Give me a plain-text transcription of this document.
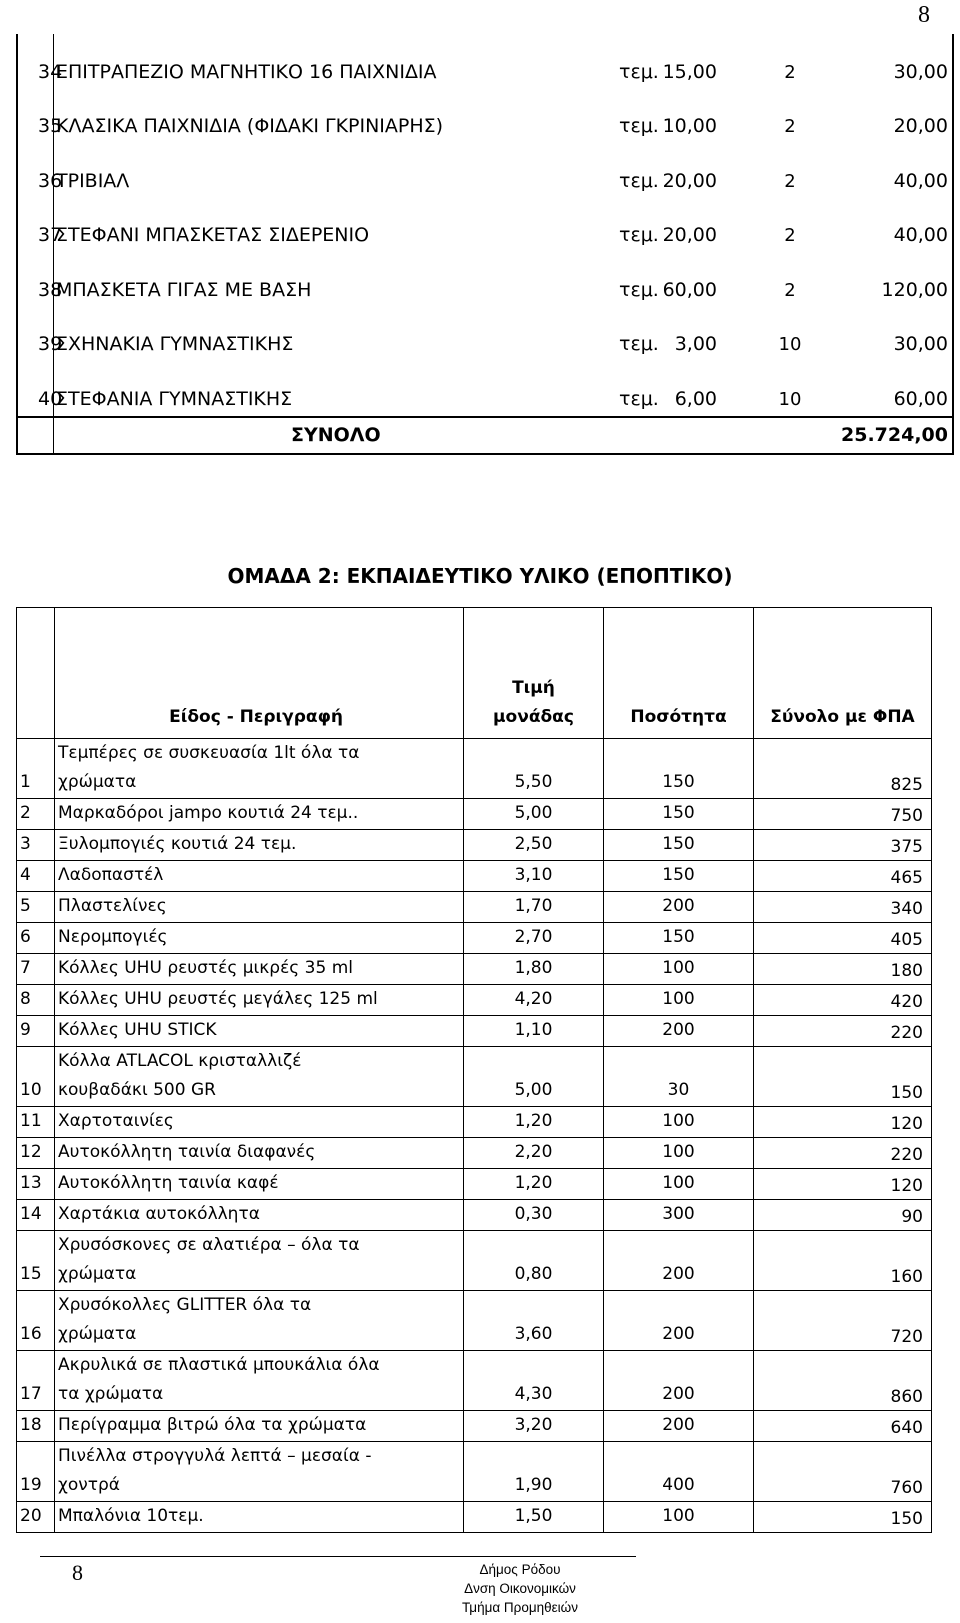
8
34
ΕΠΙΤΡΑΠΕΖΙΟ ΜΑΓΝΗΤΙΚΟ 16 ΠΑΙΧΝΙΔΙΑ	τεμ. 15,00	2	30,00
35
ΚΛΑΣΙΚΑ ΠΑΙΧΝΙΔΙΑ (ΦΙΔΑΚΙ ΓΚΡΙΝΙΑΡΗΣ)	τεμ. 10,00	2	20,00
36
ΤΡΙΒΙΑΛ	τεμ. 20,00	2	40,00
37
ΣΤΕΦΑΝΙ ΜΠΑΣΚΕΤΑΣ ΣΙΔΕΡΕΝΙΟ	τεμ. 20,00	2	40,00
38
ΜΠΑΣΚΕΤΑ ΓΙΓΑΣ ΜΕ ΒΑΣΗ	τεμ. 60,00	2	120,00
39
ΣΧΗΝΑΚΙΑ ΓΥΜΝΑΣΤΙΚΗΣ	τεμ. 3,00	10	30,00
40
ΣΤΕΦΑΝΙΑ ΓΥΜΝΑΣΤΙΚΗΣ	τεμ. 6,00	10	60,00
ΣΥΝΟΛΟ	25.724,00
ΟΜΑΔΑ 2: ΕΚΠΑΙΔΕΥΤΙΚΟ ΥΛΙΚΟ (ΕΠΟΠΤΙΚΟ)
	Είδος - Περιγραφή	Τιμή
μονάδας	Ποσότητα	Σύνολο με ΦΠΑ
1	Τεμπέρες σε συσκευασία 1lt όλα τα
χρώματα	5,50	150	825
2	Μαρκαδόροι jampo κουτιά 24 τεμ..	5,00	150	750
3	Ξυλομπογιές κουτιά 24 τεμ.	2,50	150	375
4	Λαδοπαστέλ	3,10	150	465
5	Πλαστελίνες	1,70	200	340
6	Νερομπογιές	2,70	150	405
7	Κόλλες UHU ρευστές μικρές 35 ml	1,80	100	180
8	Κόλλες UHU ρευστές μεγάλες 125 ml	4,20	100	420
9	Κόλλες UHU STICK	1,10	200	220
10	Κόλλα ATLACOL κρισταλλιζέ
κουβαδάκι 500 GR	5,00	30	150
11	Χαρτοταινίες	1,20	100	120
12	Αυτοκόλλητη ταινία διαφανές	2,20	100	220
13	Αυτοκόλλητη ταινία καφέ	1,20	100	120
14	Χαρτάκια αυτοκόλλητα	0,30	300	90
15	Χρυσόσκονες σε αλατιέρα – όλα τα
χρώματα	0,80	200	160
16	Χρυσόκολλες GLITTER όλα τα
χρώματα	3,60	200	720
17	Ακρυλικά σε πλαστικά μπουκάλια όλα
τα χρώματα	4,30	200	860
18	Περίγραμμα βιτρώ όλα τα χρώματα	3,20	200	640
19	Πινέλλα στρογγυλά λεπτά – μεσαία -
χοντρά	1,90	400	760
20	Μπαλόνια 10τεμ.	1,50	100	150
8	Δήμος Ρόδου
Δνση Οικονομικών
Τμήμα Προμηθειών
